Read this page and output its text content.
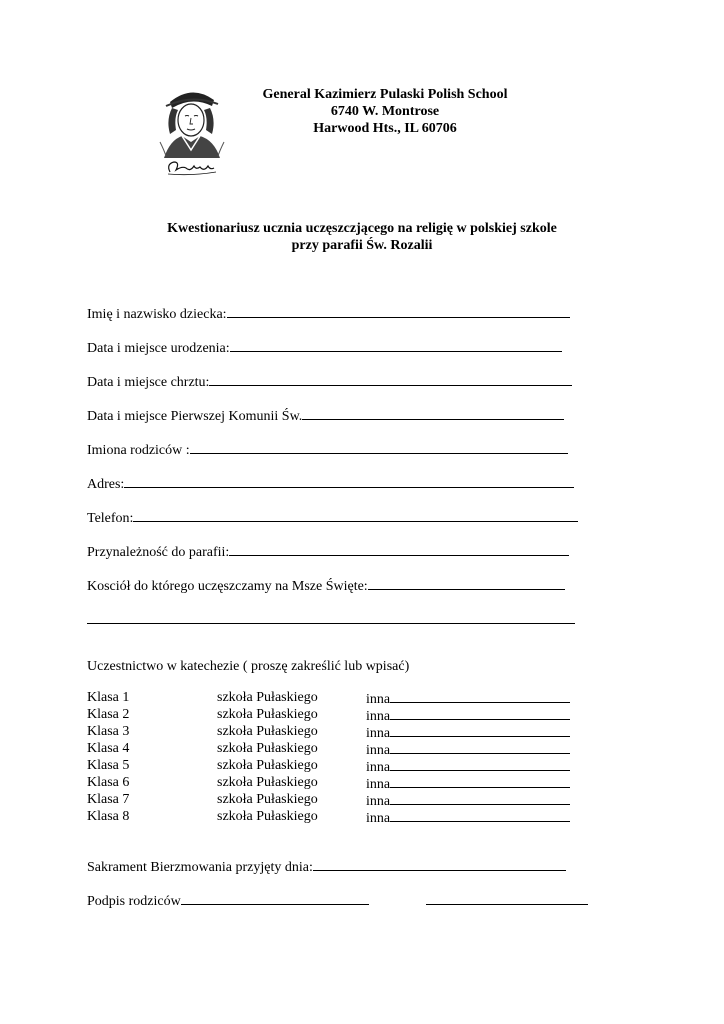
General Kazimierz Pulaski Polish School
6740 W. Montrose
Harwood Hts., IL 60706
Kwestionariusz ucznia uczęszczjącego na religię w polskiej szkole
przy parafii Św. Rozalii
Imię i nazwisko dziecka:
Data i miejsce urodzenia:
Data i miejsce chrztu:
Data i miejsce Pierwszej Komunii Św.
Imiona rodziców :
Adres:
Telefon:
Przynależność do parafii:
Kosciół do którego uczęszczamy na Msze Święte:
Uczestnictwo w katechezie ( proszę zakreślić lub wpisać)
Klasa 1	szkoła Pułaskiego	inna
Klasa 2	szkoła Pułaskiego	inna
Klasa 3	szkoła Pułaskiego	inna
Klasa 4	szkoła Pułaskiego	inna
Klasa 5	szkoła Pułaskiego	inna
Klasa 6	szkoła Pułaskiego	inna
Klasa 7	szkoła Pułaskiego	inna
Klasa 8	szkoła Pułaskiego	inna
Sakrament Bierzmowania przyjęty dnia:
Podpis rodziców
